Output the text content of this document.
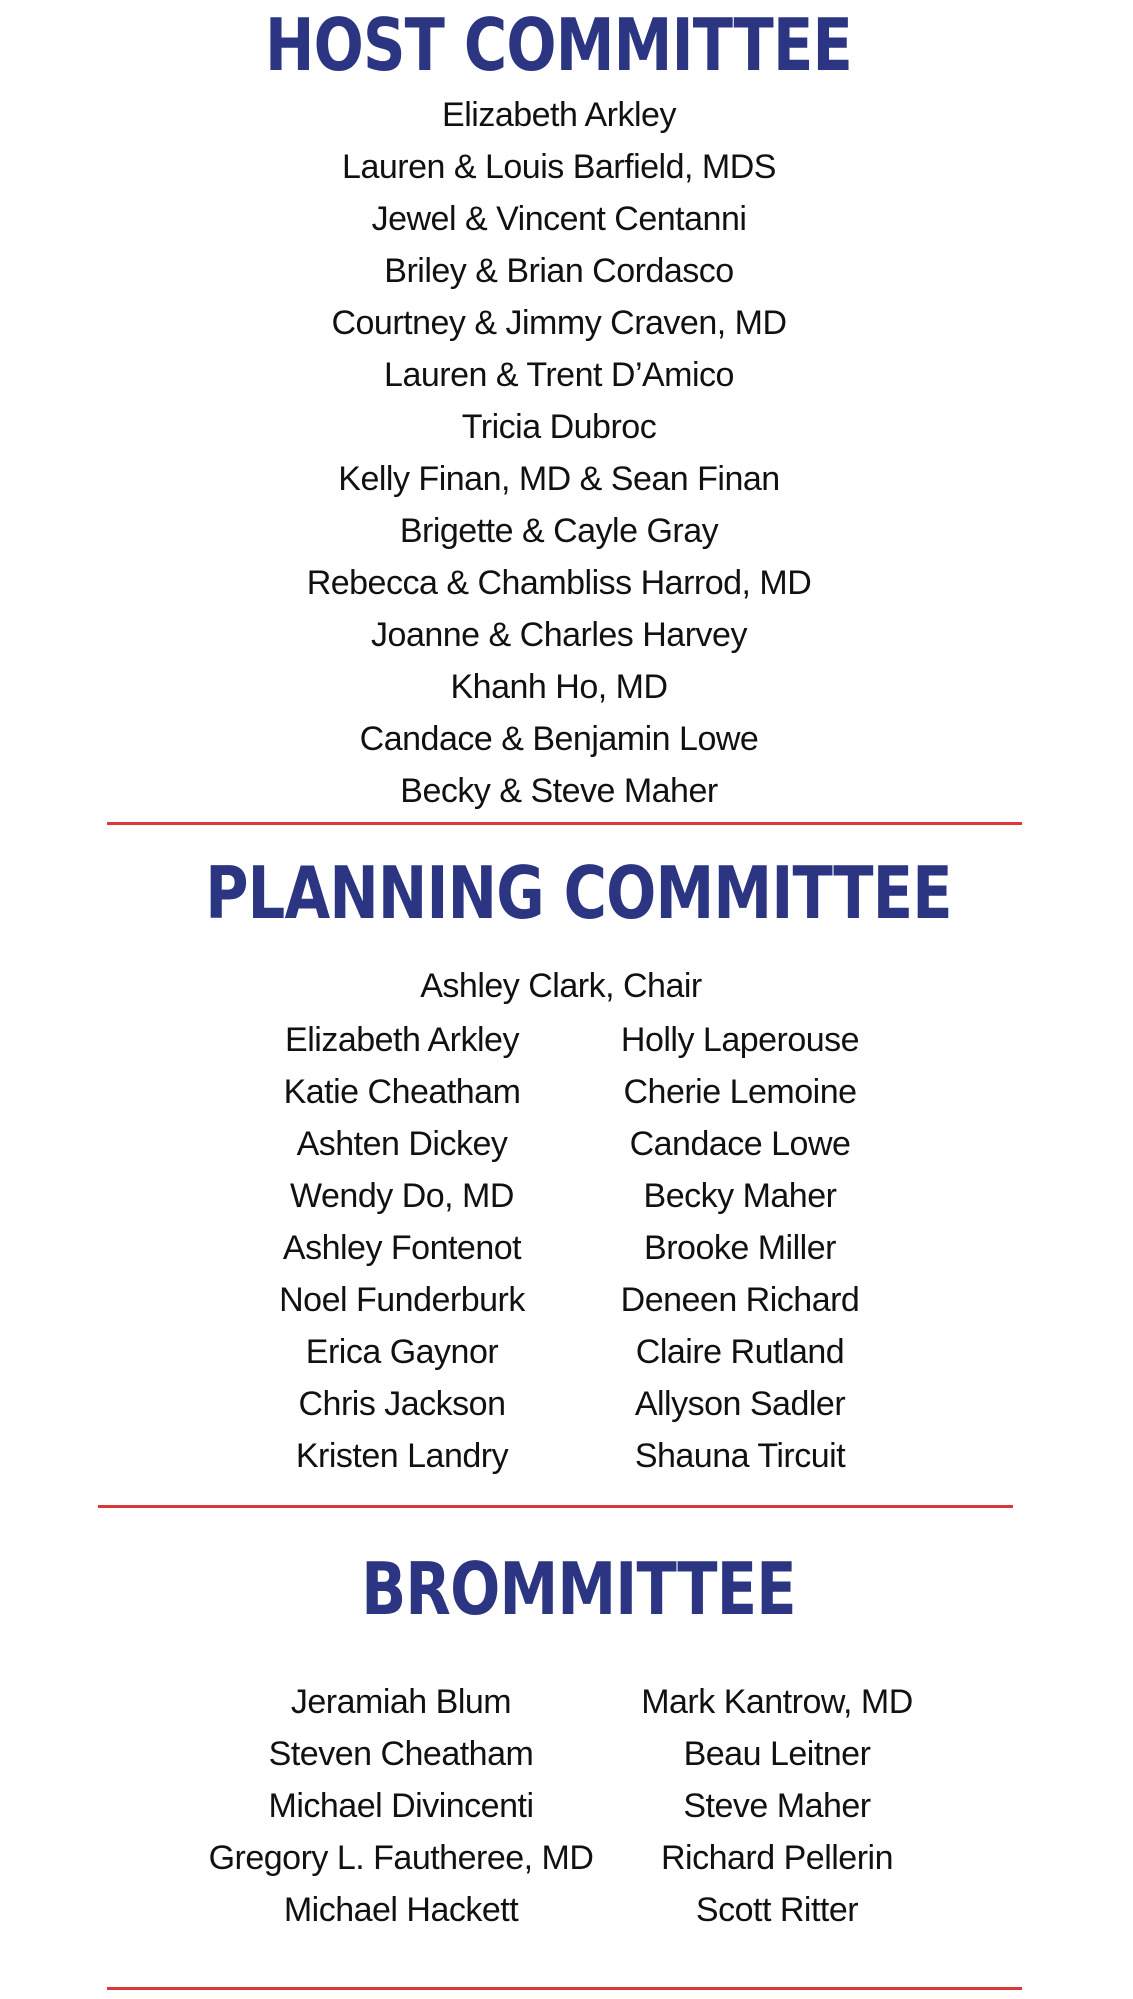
HOST COMMITTEE
Elizabeth Arkley
Lauren & Louis Barfield, MDS
Jewel & Vincent Centanni
Briley & Brian Cordasco
Courtney & Jimmy Craven, MD
Lauren & Trent D’Amico
Tricia Dubroc
Kelly Finan, MD & Sean Finan
Brigette & Cayle Gray
Rebecca & Chambliss Harrod, MD
Joanne & Charles Harvey
Khanh Ho, MD
Candace & Benjamin Lowe
Becky & Steve Maher
PLANNING COMMITTEE
Ashley Clark, Chair
Elizabeth Arkley
Katie Cheatham
Ashten Dickey
Wendy Do, MD
Ashley Fontenot
Noel Funderburk
Erica Gaynor
Chris Jackson
Kristen Landry
Holly Laperouse
Cherie Lemoine
Candace Lowe
Becky Maher
Brooke Miller
Deneen Richard
Claire Rutland
Allyson Sadler
Shauna Tircuit
BROMMITTEE
Jeramiah Blum
Steven Cheatham
Michael Divincenti
Gregory L. Fautheree, MD
Michael Hackett
Mark Kantrow, MD
Beau Leitner
Steve Maher
Richard Pellerin
Scott Ritter
